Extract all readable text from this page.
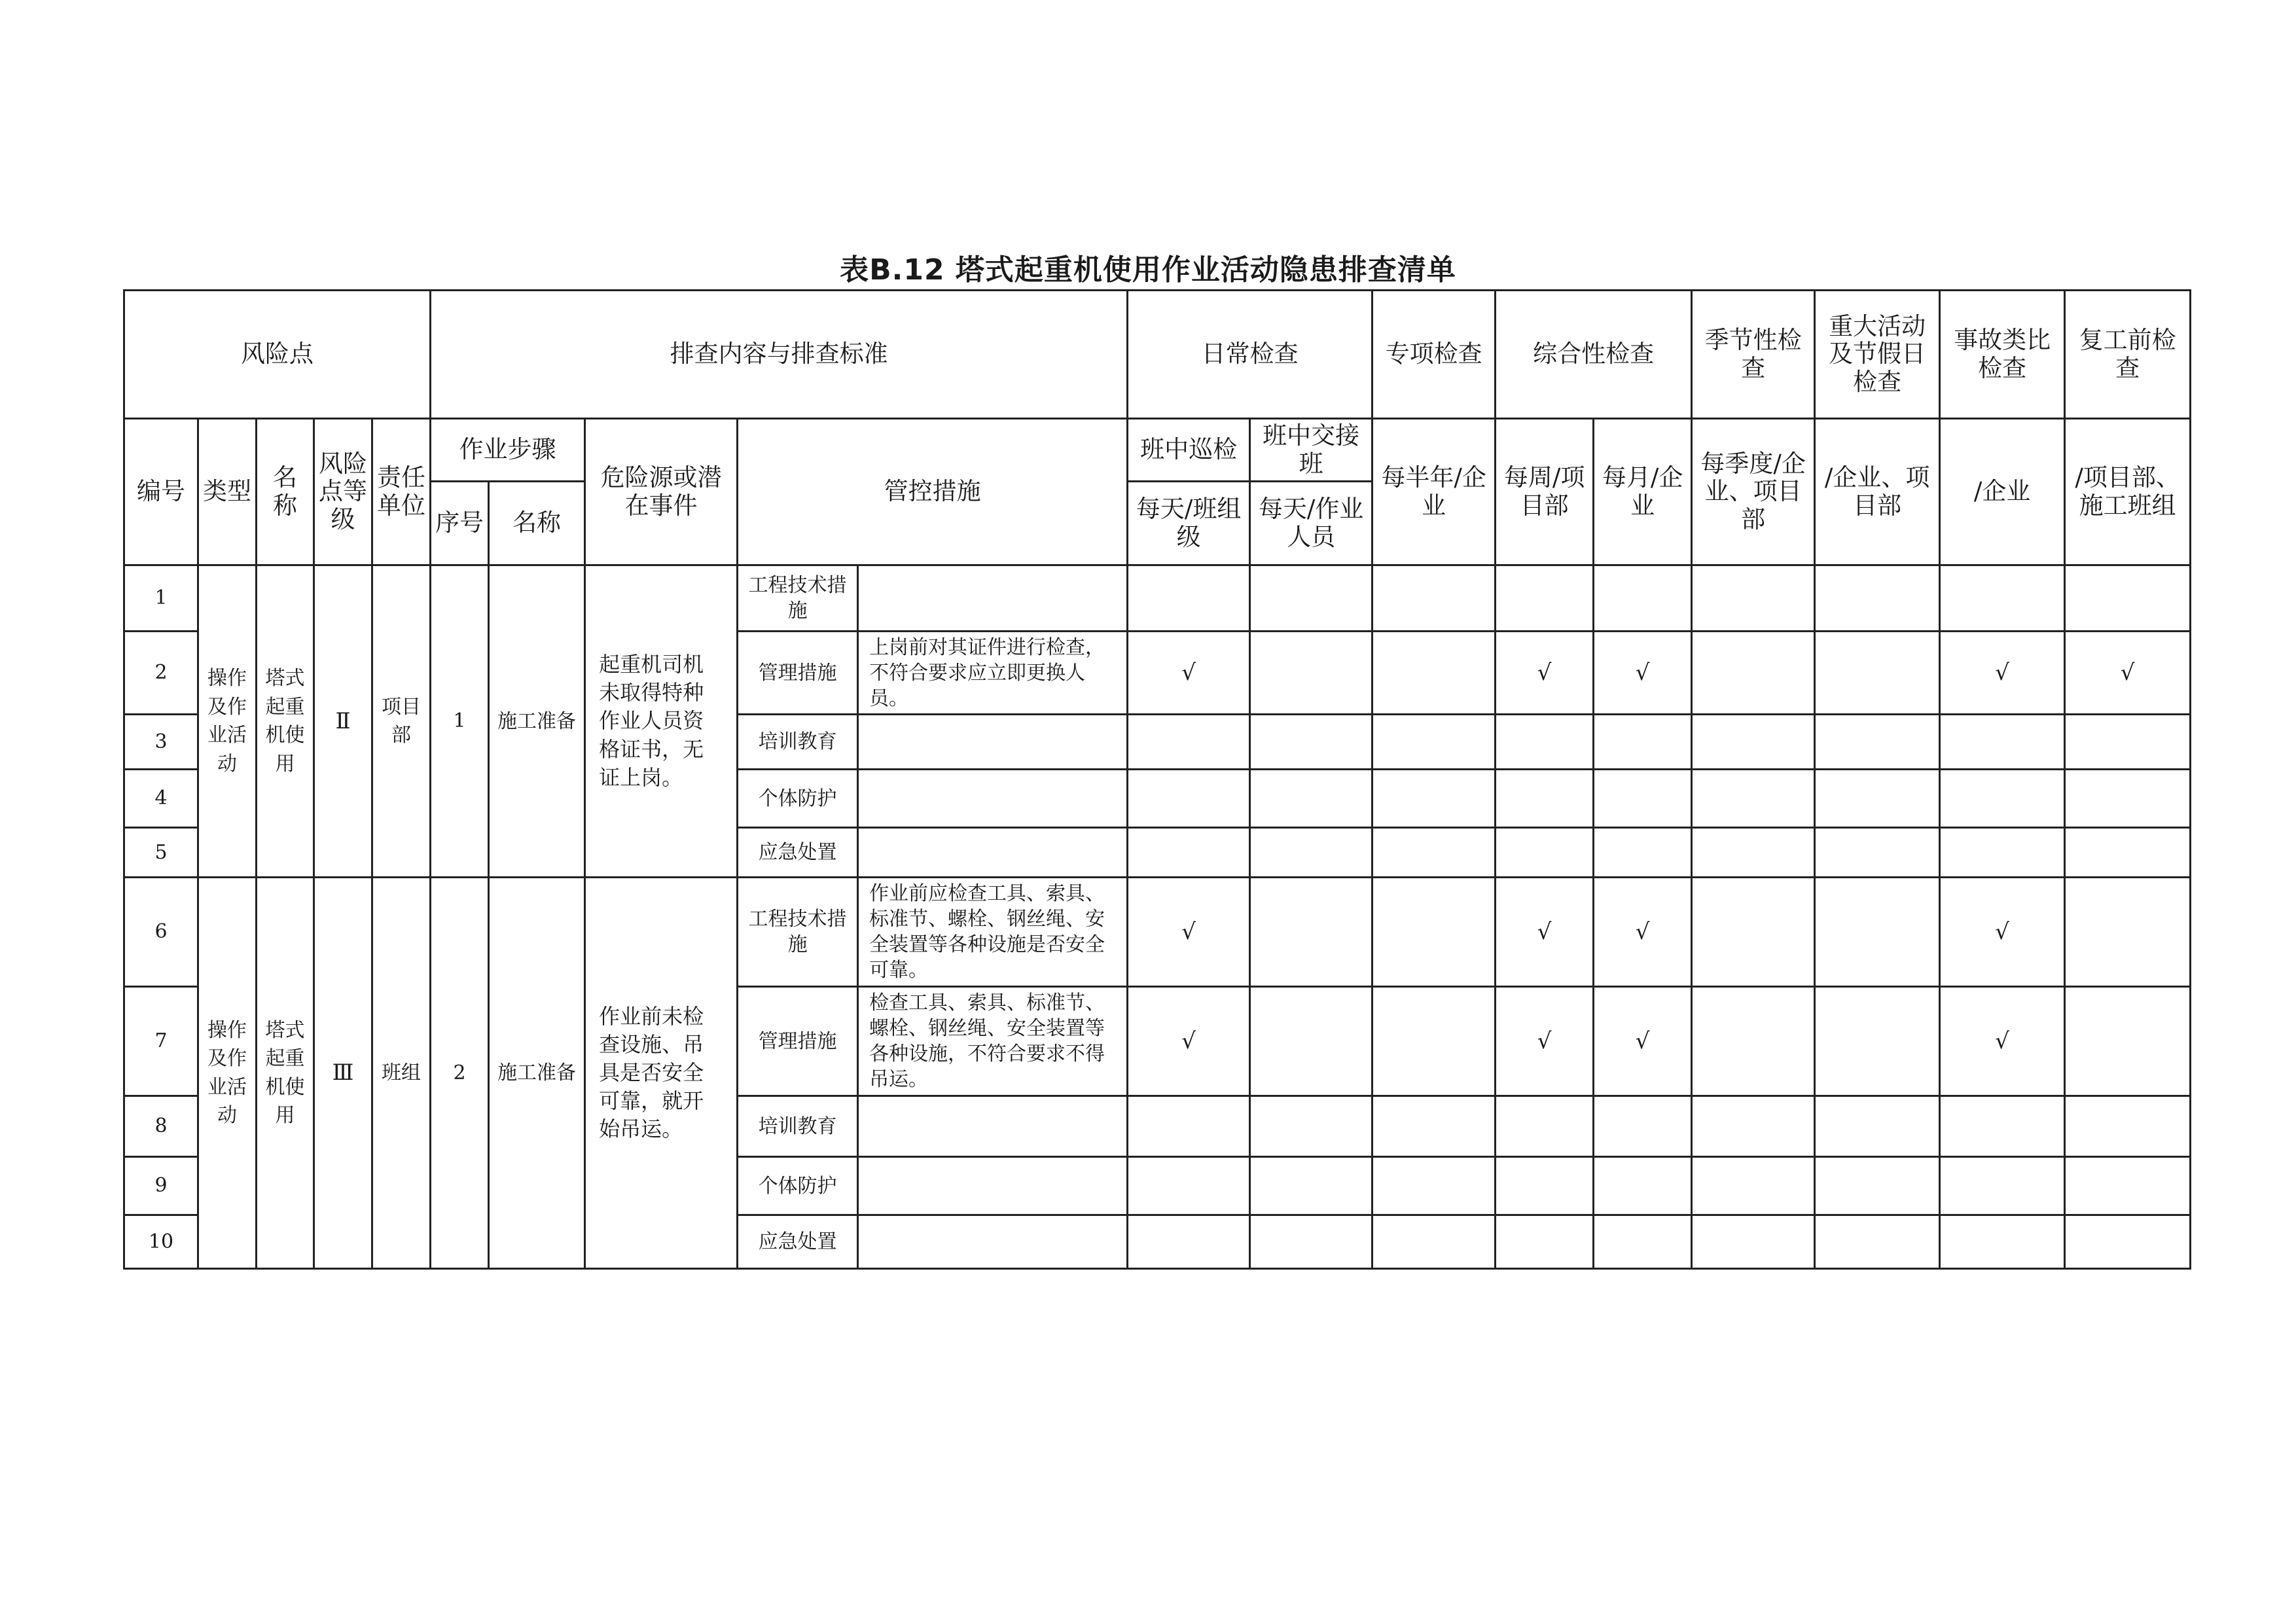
表B.12 塔式起重机使用作业活动隐患排查清单
风险点					排查内容与排查标准					日常检查		专项检查	综合性检查		季节性检查	重大活动及节假日检查	事故类比检查	复工前检查
编号	类型	名称	风险点等级	责任单位	作业步骤		危险源或潜在事件	管控措施		班中巡检	班中交接班	每半年/企业	每周/项目部	每月/企业	每季度/企业、项目部	/企业、项目部	/企业	/项目部、施工班组
					序号	名称				每天/班组级	每天/作业人员							
1	操作及作业活动	塔式起重机使用	Ⅱ	项目部	1	施工准备	起重机司机未取得特种作业人员资格证书，无证上岗。	工程技术措施										
2								管理措施	上岗前对其证件进行检查，不符合要求应立即更换人员。	√			√	√			√	√
3								培训教育										
4								个体防护										
5								应急处置										
6	操作及作业活动	塔式起重机使用	Ⅲ	班组	2	施工准备	作业前未检查设施、吊具是否安全可靠，就开始吊运。	工程技术措施	作业前应检查工具、索具、标准节、螺栓、钢丝绳、安全装置等各种设施是否安全可靠。	√			√	√			√	
7								管理措施	检查工具、索具、标准节、螺栓、钢丝绳、安全装置等各种设施，不符合要求不得吊运。	√			√	√			√	
8								培训教育										
9								个体防护										
10								应急处置										
